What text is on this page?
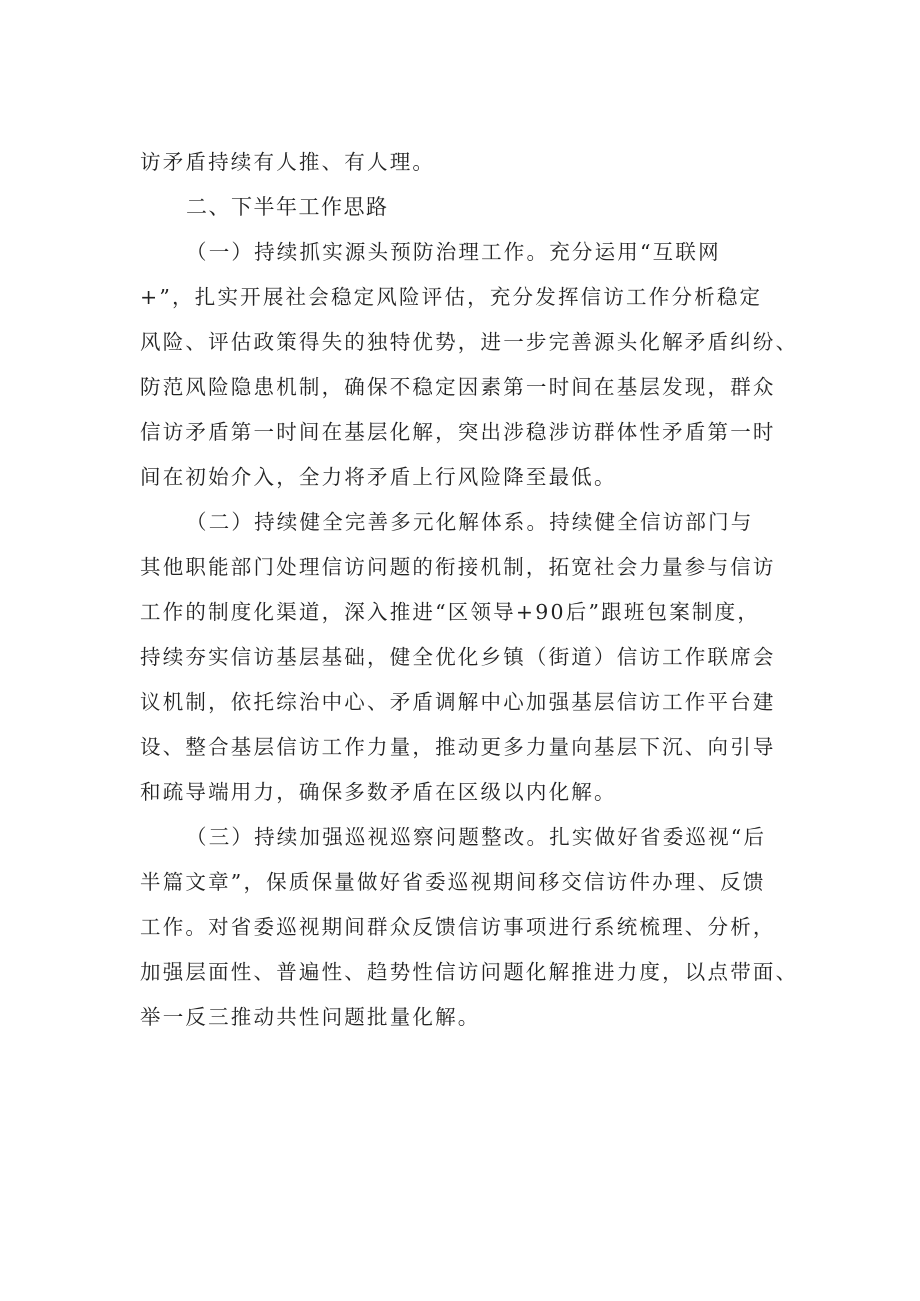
访矛盾持续有人推、有人理。
二、下半年工作思路
（一）持续抓实源头预防治理工作。充分运用“互联网
+”，扎实开展社会稳定风险评估，充分发挥信访工作分析稳定
风险、评估政策得失的独特优势，进一步完善源头化解矛盾纠纷、
防范风险隐患机制，确保不稳定因素第一时间在基层发现，群众
信访矛盾第一时间在基层化解，突出涉稳涉访群体性矛盾第一时
间在初始介入，全力将矛盾上行风险降至最低。
（二）持续健全完善多元化解体系。持续健全信访部门与
其他职能部门处理信访问题的衔接机制，拓宽社会力量参与信访
工作的制度化渠道，深入推进“区领导+90后”跟班包案制度，
持续夯实信访基层基础，健全优化乡镇（街道）信访工作联席会
议机制，依托综治中心、矛盾调解中心加强基层信访工作平台建
设、整合基层信访工作力量，推动更多力量向基层下沉、向引导
和疏导端用力，确保多数矛盾在区级以内化解。
（三）持续加强巡视巡察问题整改。扎实做好省委巡视“后
半篇文章”，保质保量做好省委巡视期间移交信访件办理、反馈
工作。对省委巡视期间群众反馈信访事项进行系统梳理、分析，
加强层面性、普遍性、趋势性信访问题化解推进力度，以点带面、
举一反三推动共性问题批量化解。
